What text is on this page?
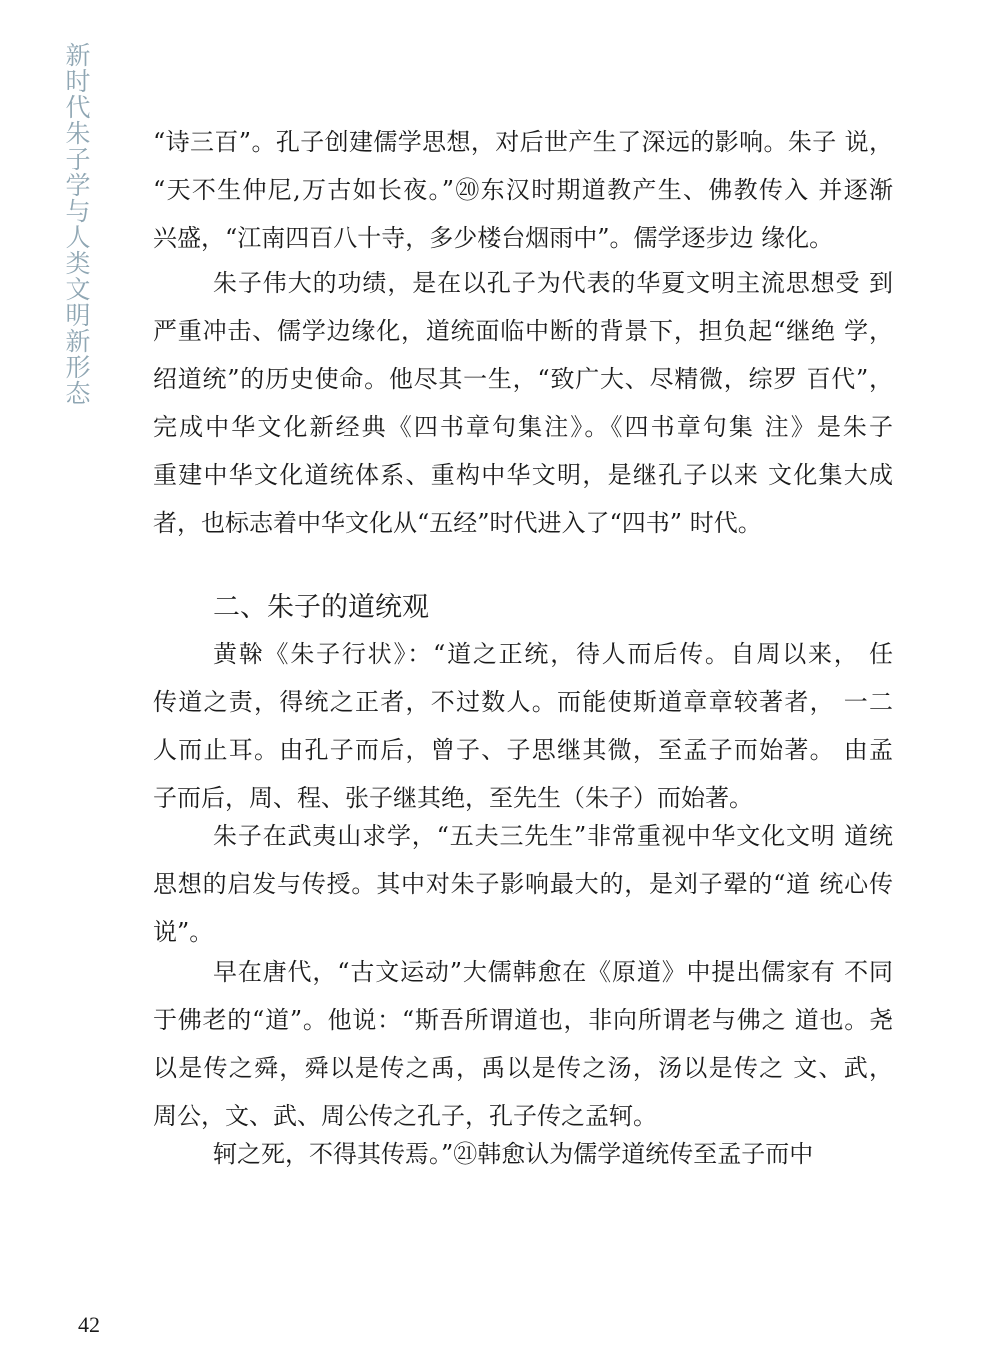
新时代朱子学与人类文明新形态	“诗三百”。孔子创建儒学思想，对后世产生了深远的影响。朱子 说，
“天不生仲尼,万古如长夜。”⑳东汉时期道教产生、佛教传入 并逐渐
兴盛，“江南四百八十寺，多少楼台烟雨中”。儒学逐步边 缘化。
朱子伟大的功绩，是在以孔子为代表的华夏文明主流思想受 到
严重冲击、儒学边缘化，道统面临中断的背景下，担负起“继绝 学，
绍道统”的历史使命。他尽其一生，“致广大、尽精微，综罗 百代”，
完成中华文化新经典《四书章句集注》。《四书章句集 注》是朱子
重建中华文化道统体系、重构中华文明，是继孔子以来 文化集大成
者，也标志着中华文化从“五经”时代进入了“四书” 时代。
二、朱子的道统观
黄榦《朱子行状》：“道之正统，待人而后传。自周以来， 任
传道之责，得统之正者，不过数人。而能使斯道章章较著者， 一二
人而止耳。由孔子而后，曾子、子思继其微，至孟子而始著。 由孟
子而后，周、程、张子继其绝，至先生（朱子）而始著。
朱子在武夷山求学，“五夫三先生”非常重视中华文化文明 道统
思想的启发与传授。其中对朱子影响最大的，是刘子翚的“道 统心传
说”。
早在唐代，“古文运动”大儒韩愈在《原道》中提出儒家有 不同
于佛老的“道”。他说：“斯吾所谓道也，非向所谓老与佛之 道也。尧
以是传之舜，舜以是传之禹，禹以是传之汤，汤以是传之 文、武，
周公，文、武、周公传之孔子，孔子传之孟轲。
轲之死，不得其传焉。”㉑韩愈认为儒学道统传至孟子而中
42
